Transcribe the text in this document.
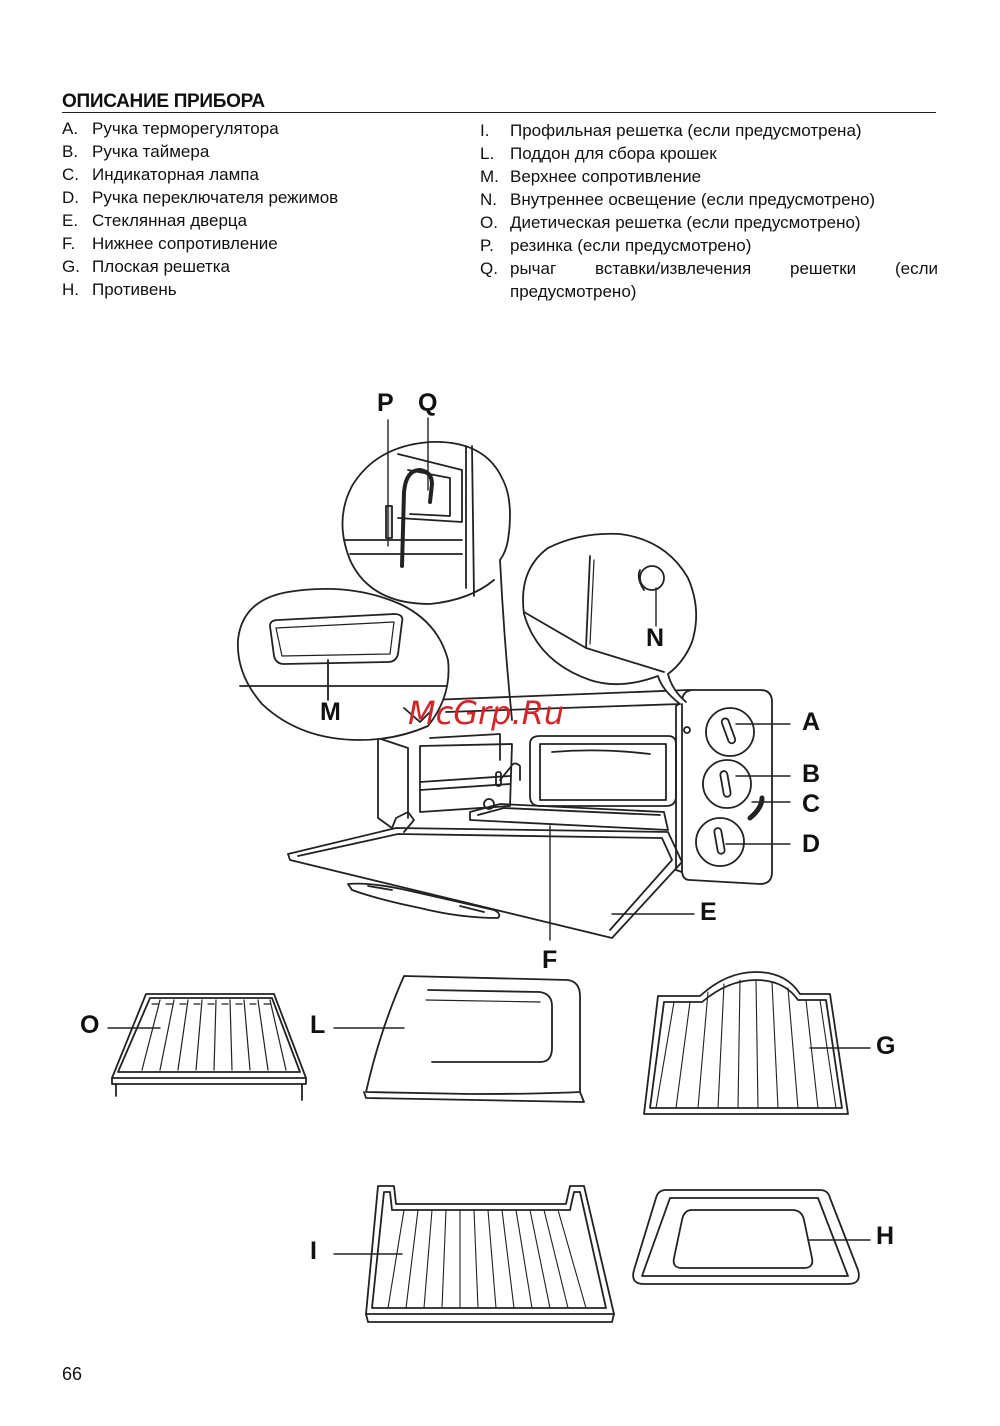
ОПИСАНИЕ ПРИБОРА
A. Ручка терморегулятора
B. Ручка таймера
C. Индикаторная лампа
D. Ручка переключателя режимов
E. Стеклянная дверца
F. Нижнее сопротивление
G. Плоская решетка
H. Противень
I.	Профильная решетка (если предусмотрена)
L. Поддон для сбора крошек
M. Верхнее сопротивление
N. Внутреннее освещение (если предусмотрено)
O. Диетическая решетка (если предусмотрено)
P. резинка (если предусмотрено)
Q. рычаг вставки/извлечения решетки (если предусмотрено)
P Q
N
M	A
B
C
D
E
F
O	L
G
I
H
McGrp.Ru
66
